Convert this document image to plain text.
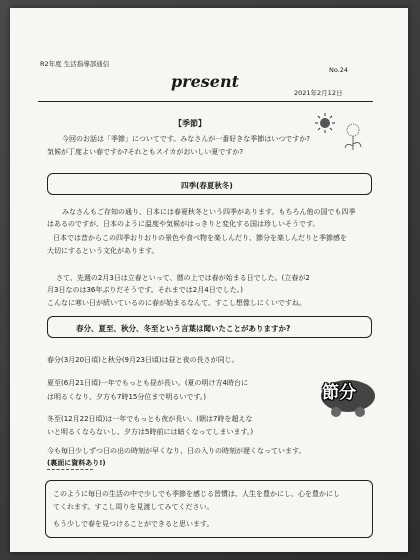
R2年度 生活指導部通信
present
No.24
2021年2月12日
【季節】
今回のお話は「季節」についてです。みなさんが一番好きな季節はいつですか?
気候が丁度よい春ですか?それともスイカがおいしい夏ですか?
四季(春夏秋冬)
みなさんもご存知の通り、日本には春夏秋冬という四季があります。もちろん他の国でも四季
はあるのですが、日本のように温度や気候がはっきりと変化する国は珍しいそうです。
日本では昔からこの四季おりおりの景色や食べ物を楽しんだり、節分を楽しんだりと季節感を
大切にするという文化があります。
さて、先週の2月3日は立春といって、暦の上では春が始まる日でした。(立春が2
月3日なのは36年ぶりだそうです。それまでは2月4日でした。)
こんなに寒い日が続いているのに春が始まるなんて、すこし想像しにくいですね。
春分、夏至、秋分、冬至という言葉は聞いたことがありますか?
春分(3月20日頃)と秋分(9月23日頃)は昼と夜の長さが同じ。
夏至(6月21日頃)一年でもっとも昼が長い。(夏の明け方4時台に
は明るくなり、夕方も7時15分位まで明るいです。)
冬至(12月22日頃)は一年でもっとも夜が長い。(朝は7時を超えな
いと明るくならないし、夕方は5時前には暗くなってしまいます。)
今も毎日少しずつ日の出の時刻が早くなり、日の入りの時刻が遅くなっています。
(裏面に資料あり!)
節分
このように毎日の生活の中で少しでも季節を感じる習慣は、人生を豊かにし、心を豊かにし
てくれます。すこし周りを見渡してみてください。
もう少しで春を見つけることができると思います。
